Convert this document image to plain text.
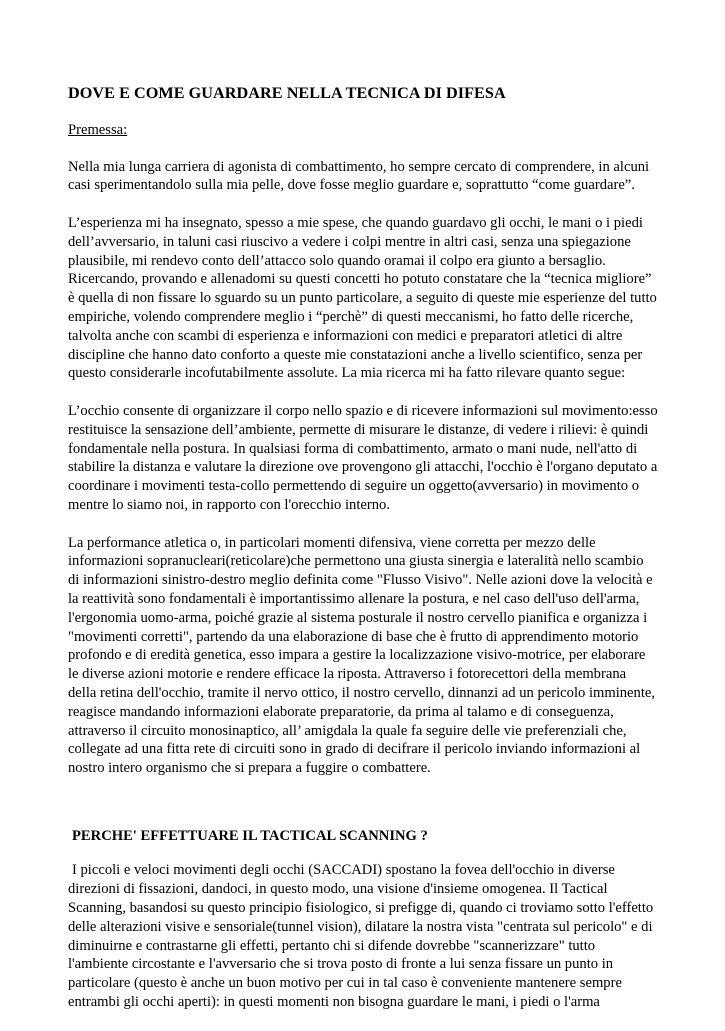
DOVE E COME GUARDARE NELLA TECNICA DI DIFESA
Premessa:

Nella mia lunga carriera di agonista di combattimento, ho sempre cercato di comprendere, in alcuni casi sperimentandolo sulla mia pelle, dove fosse meglio guardare e, soprattutto “come guardare”.

L’esperienza mi ha insegnato, spesso a mie spese, che quando guardavo gli occhi, le mani o i piedi dell’avversario, in taluni casi riuscivo a vedere i colpi mentre in altri casi, senza una spiegazione plausibile, mi rendevo conto dell’attacco solo quando oramai il colpo era giunto a bersaglio. Ricercando, provando e allenadomi su questi concetti ho potuto constatare che la “tecnica migliore” è quella di non fissare lo sguardo su un punto particolare, a seguito di queste mie esperienze del tutto empiriche, volendo comprendere meglio i “perchè” di questi meccanismi, ho fatto delle ricerche, talvolta anche con scambi di esperienza e informazioni con medici e preparatori atletici di altre discipline che hanno dato conforto a queste mie constatazioni anche a livello scientifico, senza per questo considerarle incofutabilmente assolute. La mia ricerca mi ha fatto rilevare quanto segue:

L’occhio consente di organizzare il corpo nello spazio e di ricevere informazioni sul movimento:esso restituisce la sensazione dell’ambiente, permette di misurare le distanze, di vedere i rilievi: è quindi fondamentale nella postura. In qualsiasi forma di combattimento, armato o mani nude, nell'atto di stabilire la distanza e valutare la direzione ove provengono gli attacchi, l'occhio è l'organo deputato a coordinare i movimenti testa-collo permettendo di seguire un oggetto(avversario) in movimento o mentre lo siamo noi, in rapporto con l'orecchio interno.

La performance atletica o, in particolari momenti difensiva, viene corretta per mezzo delle informazioni sopranucleari(reticolare)che permettono una giusta sinergia e lateralità nello scambio di informazioni sinistro-destro meglio definita come "Flusso Visivo". Nelle azioni dove la velocità e la reattività sono fondamentali è importantissimo allenare la postura, e nel caso dell'uso dell'arma, l'ergonomia uomo-arma, poiché grazie al sistema posturale il nostro cervello pianifica e organizza i "movimenti corretti", partendo da una elaborazione di base che è frutto di apprendimento motorio profondo e di eredità genetica, esso impara a gestire la localizzazione visivo-motrice, per elaborare le diverse azioni motorie e rendere efficace la riposta. Attraverso i fotorecettori della membrana della retina dell'occhio, tramite il nervo ottico, il nostro cervello, dinnanzi ad un pericolo imminente, reagisce mandando informazioni elaborate preparatorie, da prima al talamo e di conseguenza, attraverso il circuito monosinaptico, all’ amigdala la quale fa seguire delle vie preferenziali che, collegate ad una fitta rete di circuiti sono in grado di decifrare il pericolo inviando informazioni al nostro intero organismo che si prepara a fuggire o combattere.

PERCHE' EFFETTUARE IL TACTICAL SCANNING ?

I piccoli e veloci movimenti degli occhi (SACCADI) spostano la fovea dell'occhio in diverse direzioni di fissazioni, dandoci, in questo modo, una visione d'insieme omogenea. Il Tactical Scanning, basandosi su questo principio fisiologico, si prefigge di, quando ci troviamo sotto l'effetto delle alterazioni visive e sensoriale(tunnel vision), dilatare la nostra vista "centrata sul pericolo" e di diminuirne e contrastarne gli effetti, pertanto chi si difende dovrebbe "scannerizzare" tutto l'ambiente circostante e l'avversario che si trova posto di fronte a lui senza fissare un punto in particolare (questo è anche un buon motivo per cui in tal caso è conveniente mantenere sempre entrambi gli occhi aperti): in questi momenti non bisogna guardare le mani, i piedi o l'arma
